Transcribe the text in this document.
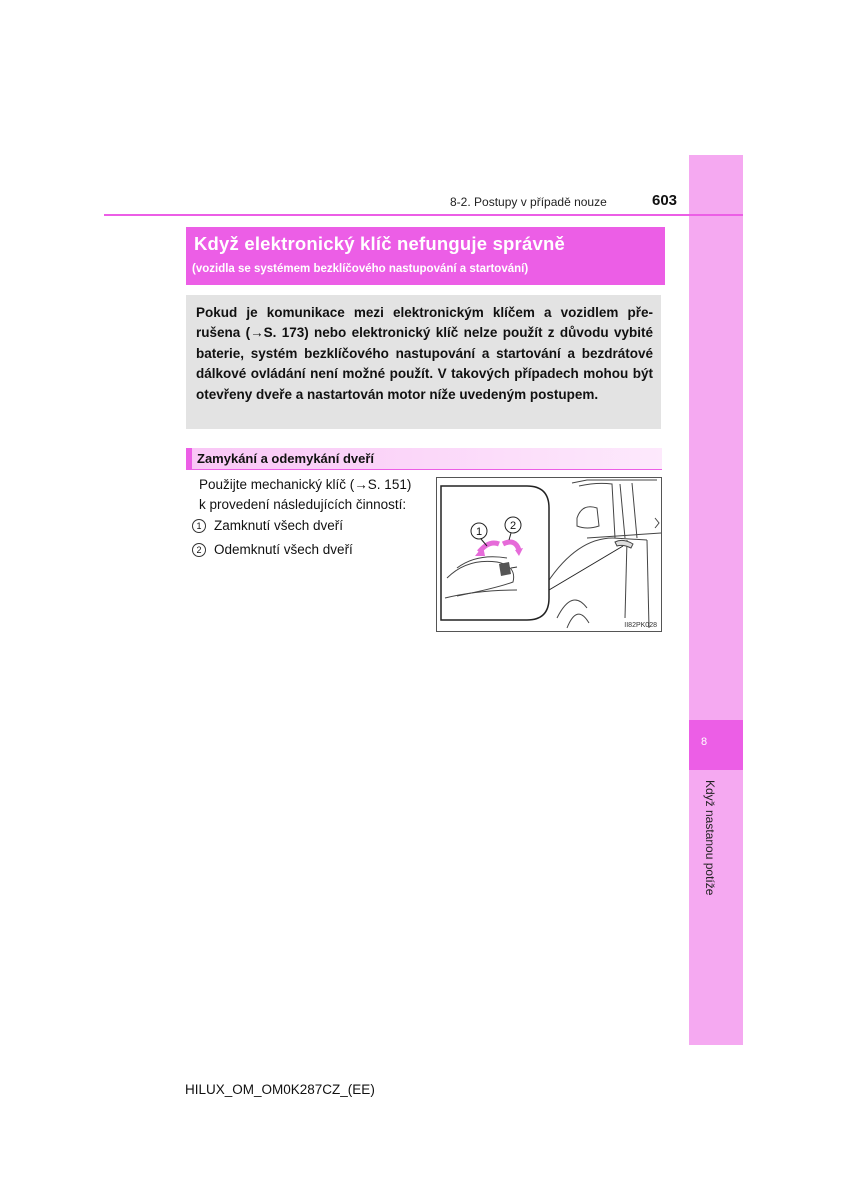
8
Když nastanou potíže
8-2. Postupy v případě nouze	603
Když elektronický klíč nefunguje správně
(vozidla se systémem bezklíčového nastupování a startování)
Pokud je komunikace mezi elektronickým klíčem a vozidlem pře-rušena (→S. 173) nebo elektronický klíč nelze použít z důvodu vybité baterie, systém bezklíčového nastupování a startování a bezdrátové dálkové ovládání není možné použít. V takových případech mohou být otevřeny dveře a nastartován motor níže uvedeným postupem.
Zamykání a odemykání dveří
Použijte mechanický klíč (→S. 151)
k provedení následujících činností:
1 Zamknutí všech dveří
2 Odemknutí všech dveří
1	2
II82PK028
HILUX_OM_OM0K287CZ_(EE)
